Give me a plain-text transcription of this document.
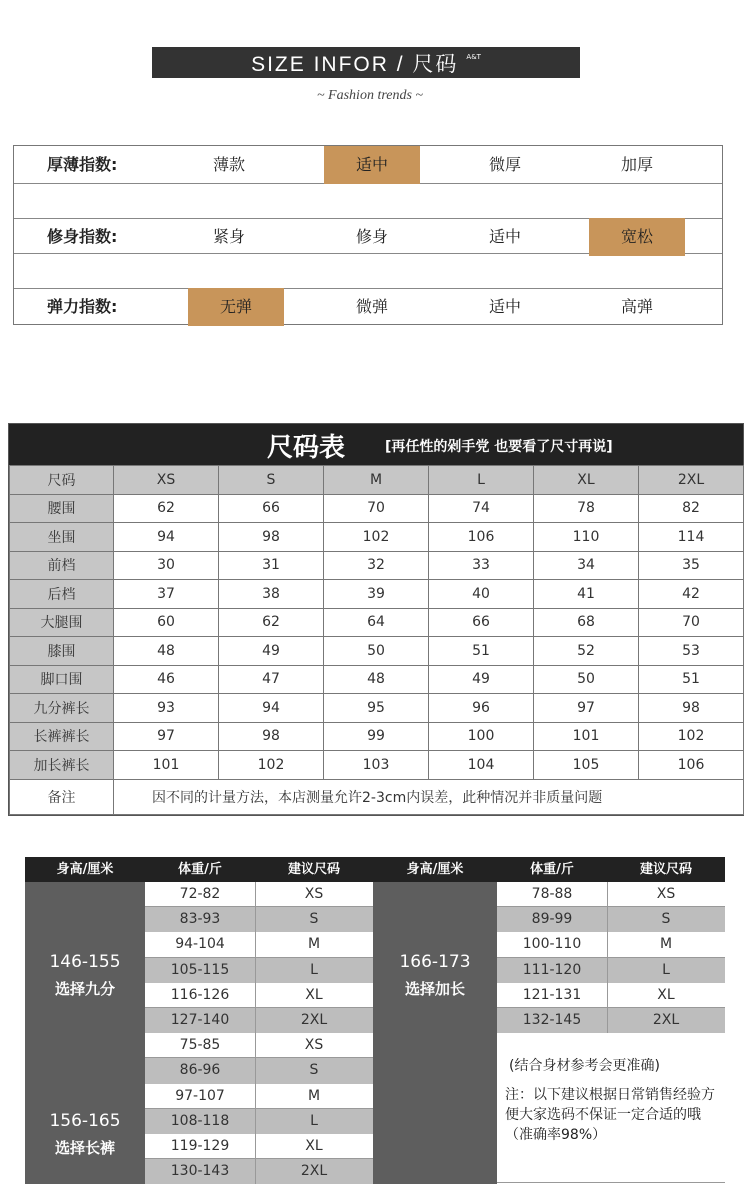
SIZE INFOR / 尺码 A&T
~ Fashion trends ~
厚薄指数:	薄款	适中	微厚	加厚
修身指数:	紧身	修身	适中	宽松
弹力指数:	无弹	微弹	适中	高弹
尺码表	[再任性的剁手党 也要看了尺寸再说]
尺码	XS	S	M	L	XL	2XL
腰围	62	66	70	74	78	82
坐围	94	98	102	106	110	114
前档	30	31	32	33	34	35
后档	37	38	39	40	41	42
大腿围	60	62	64	66	68	70
膝围	48	49	50	51	52	53
脚口围	46	47	48	49	50	51
九分裤长	93	94	95	96	97	98
长裤裤长	97	98	99	100	101	102
加长裤长	101	102	103	104	105	106
备注	因不同的计量方法，本店测量允许2-3cm内误差，此种情况并非质量问题					
身高/厘米	体重/斤	建议尺码	身高/厘米	体重/斤	建议尺码
146-155
选择九分
72-82	XS
83-93	S
94-104	M
105-115	L
116-126	XL
127-140	2XL
166-173
选择加长
78-88	XS
89-99	S
100-110	M
111-120	L
121-131	XL
132-145	2XL
156-165
选择长裤
75-85	XS
86-96	S
97-107	M
108-118	L
119-129	XL
130-143	2XL
(结合身材参考会更准确)
注：以下建议根据日常销售经验方便大家选码不保证一定合适的哦（准确率98%）
